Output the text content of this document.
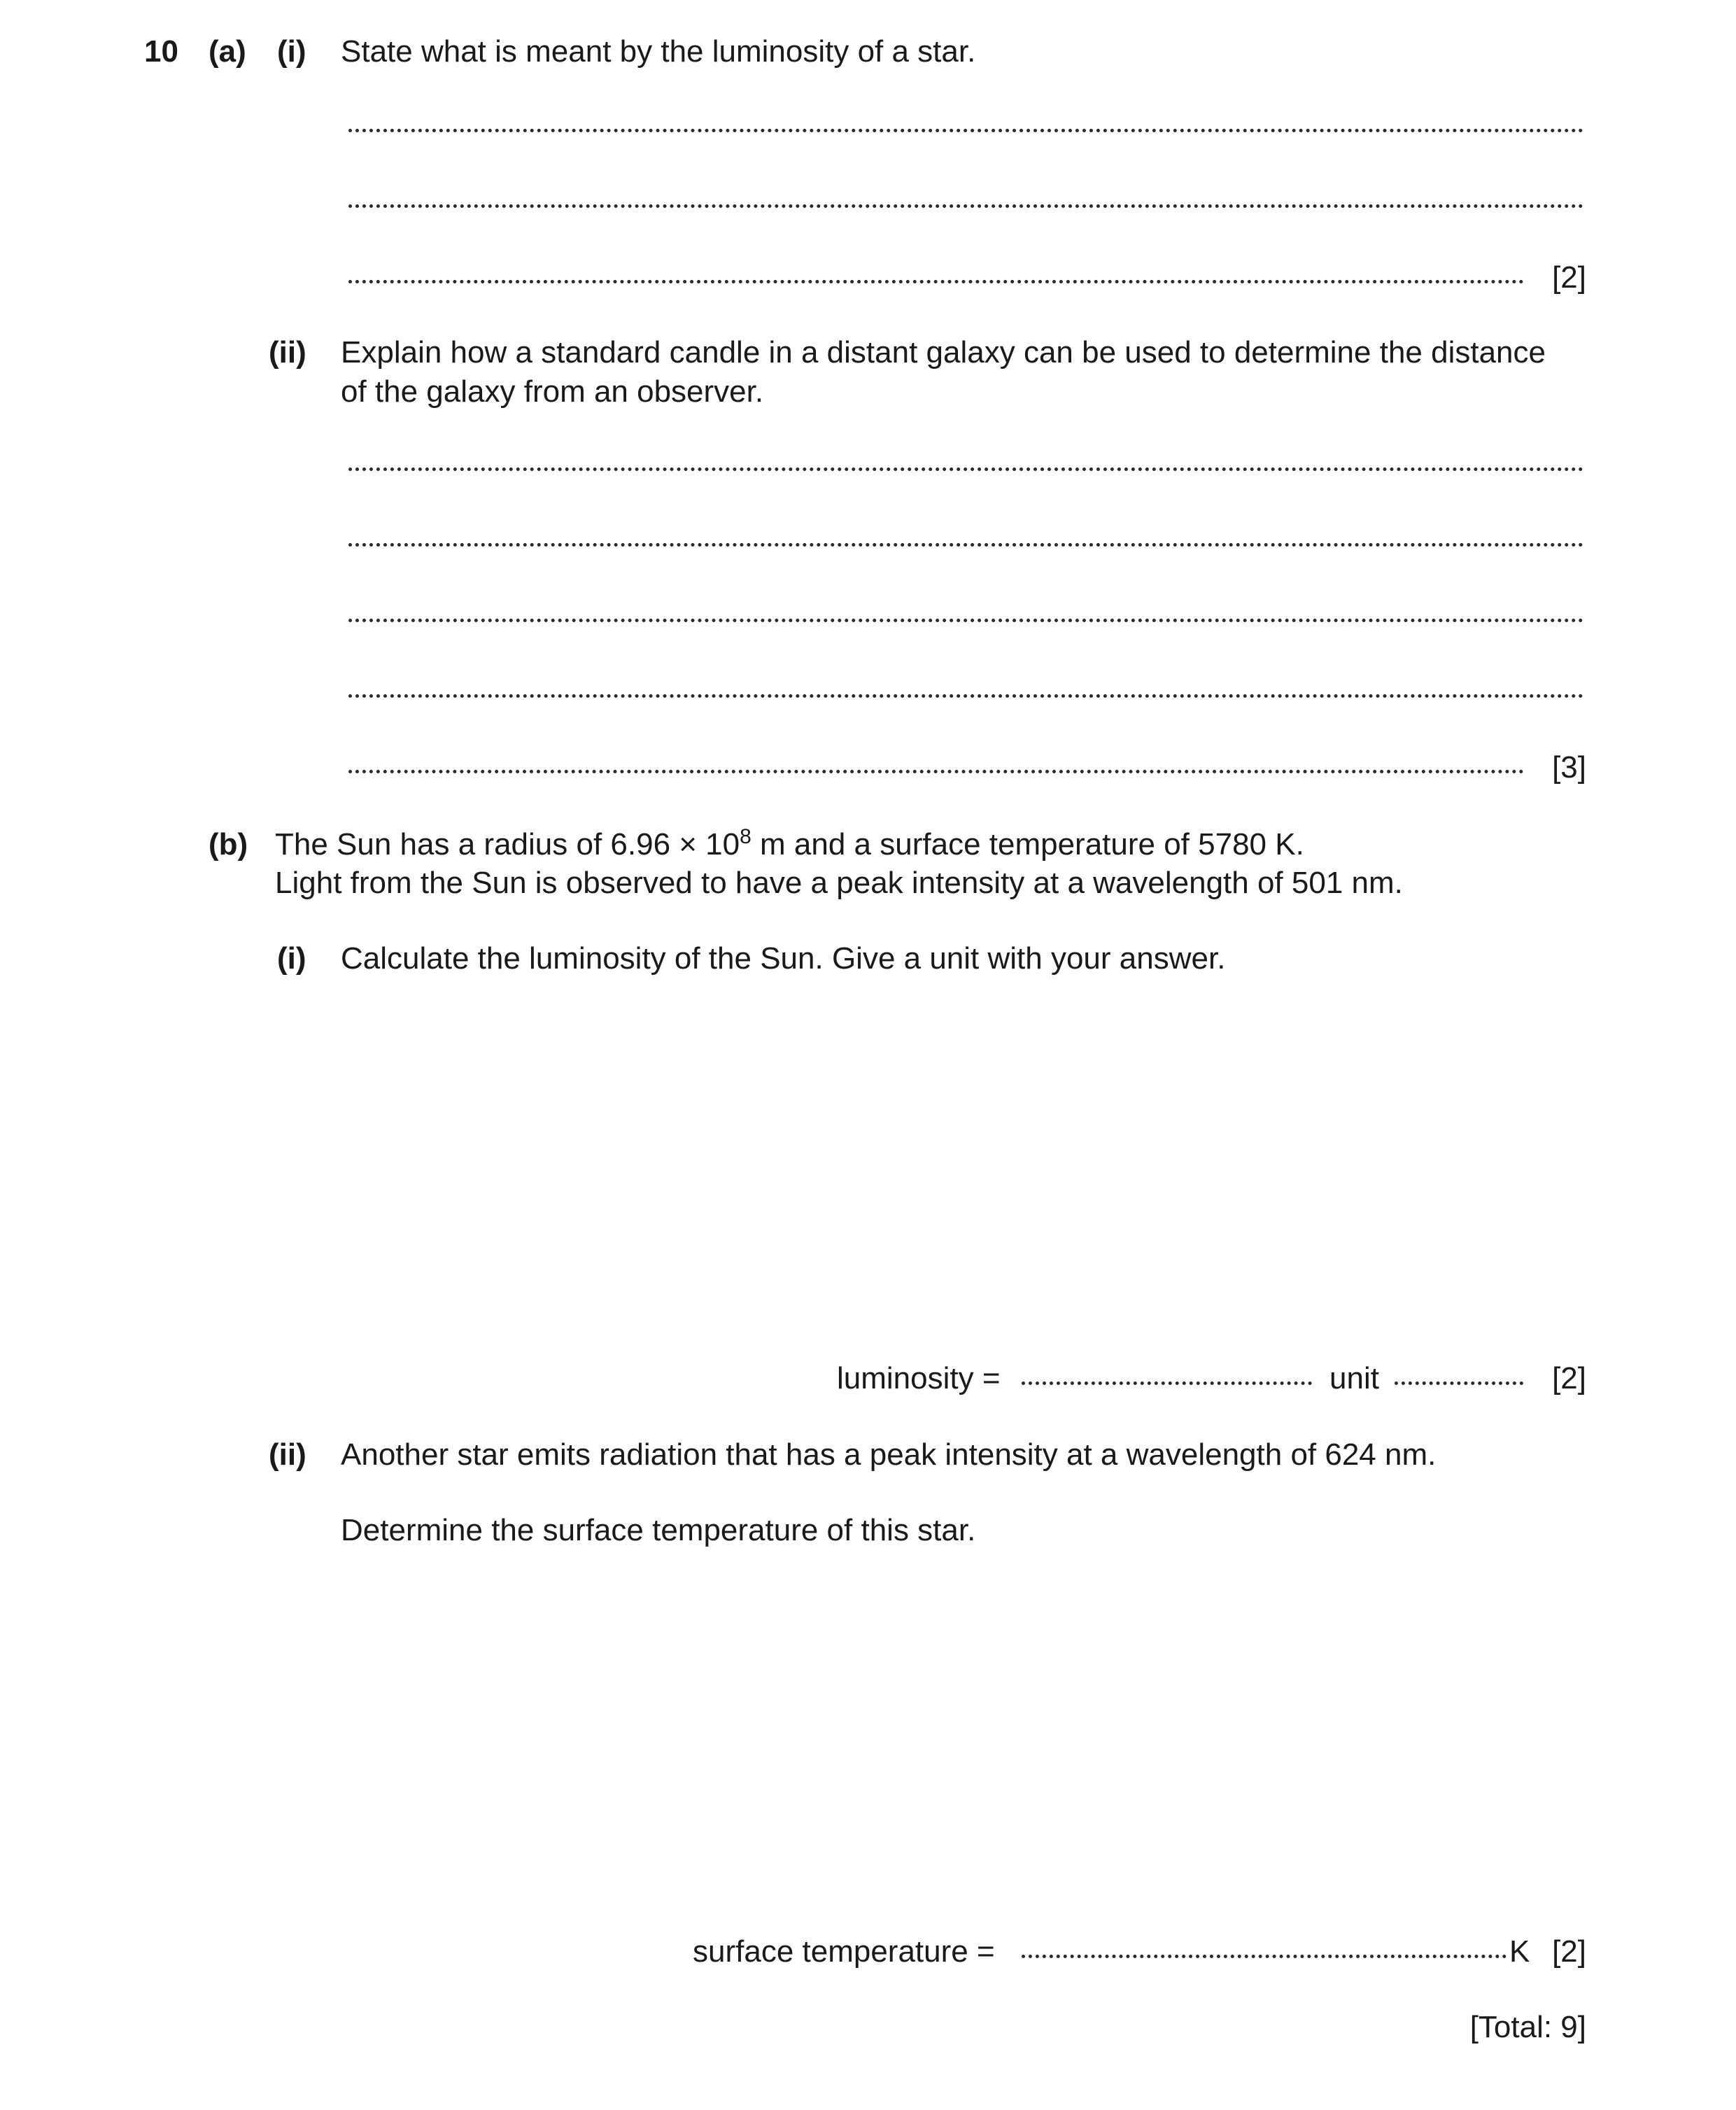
10 (a) (i) State what is meant by the luminosity of a star.
[2]
(ii) Explain how a standard candle in a distant galaxy can be used to determine the distance
of the galaxy from an observer.
[3]
(b) The Sun has a radius of $6.96 \times 10^8$ m and a surface temperature of 5780 K.
Light from the Sun is observed to have a peak intensity at a wavelength of 501 nm.
(i) Calculate the luminosity of the Sun. Give a unit with your answer.
luminosity =	unit	[2]
(ii) Another star emits radiation that has a peak intensity at a wavelength of 624 nm.
Determine the surface temperature of this star.
surface temperature =	K [2]
[Total: 9]
